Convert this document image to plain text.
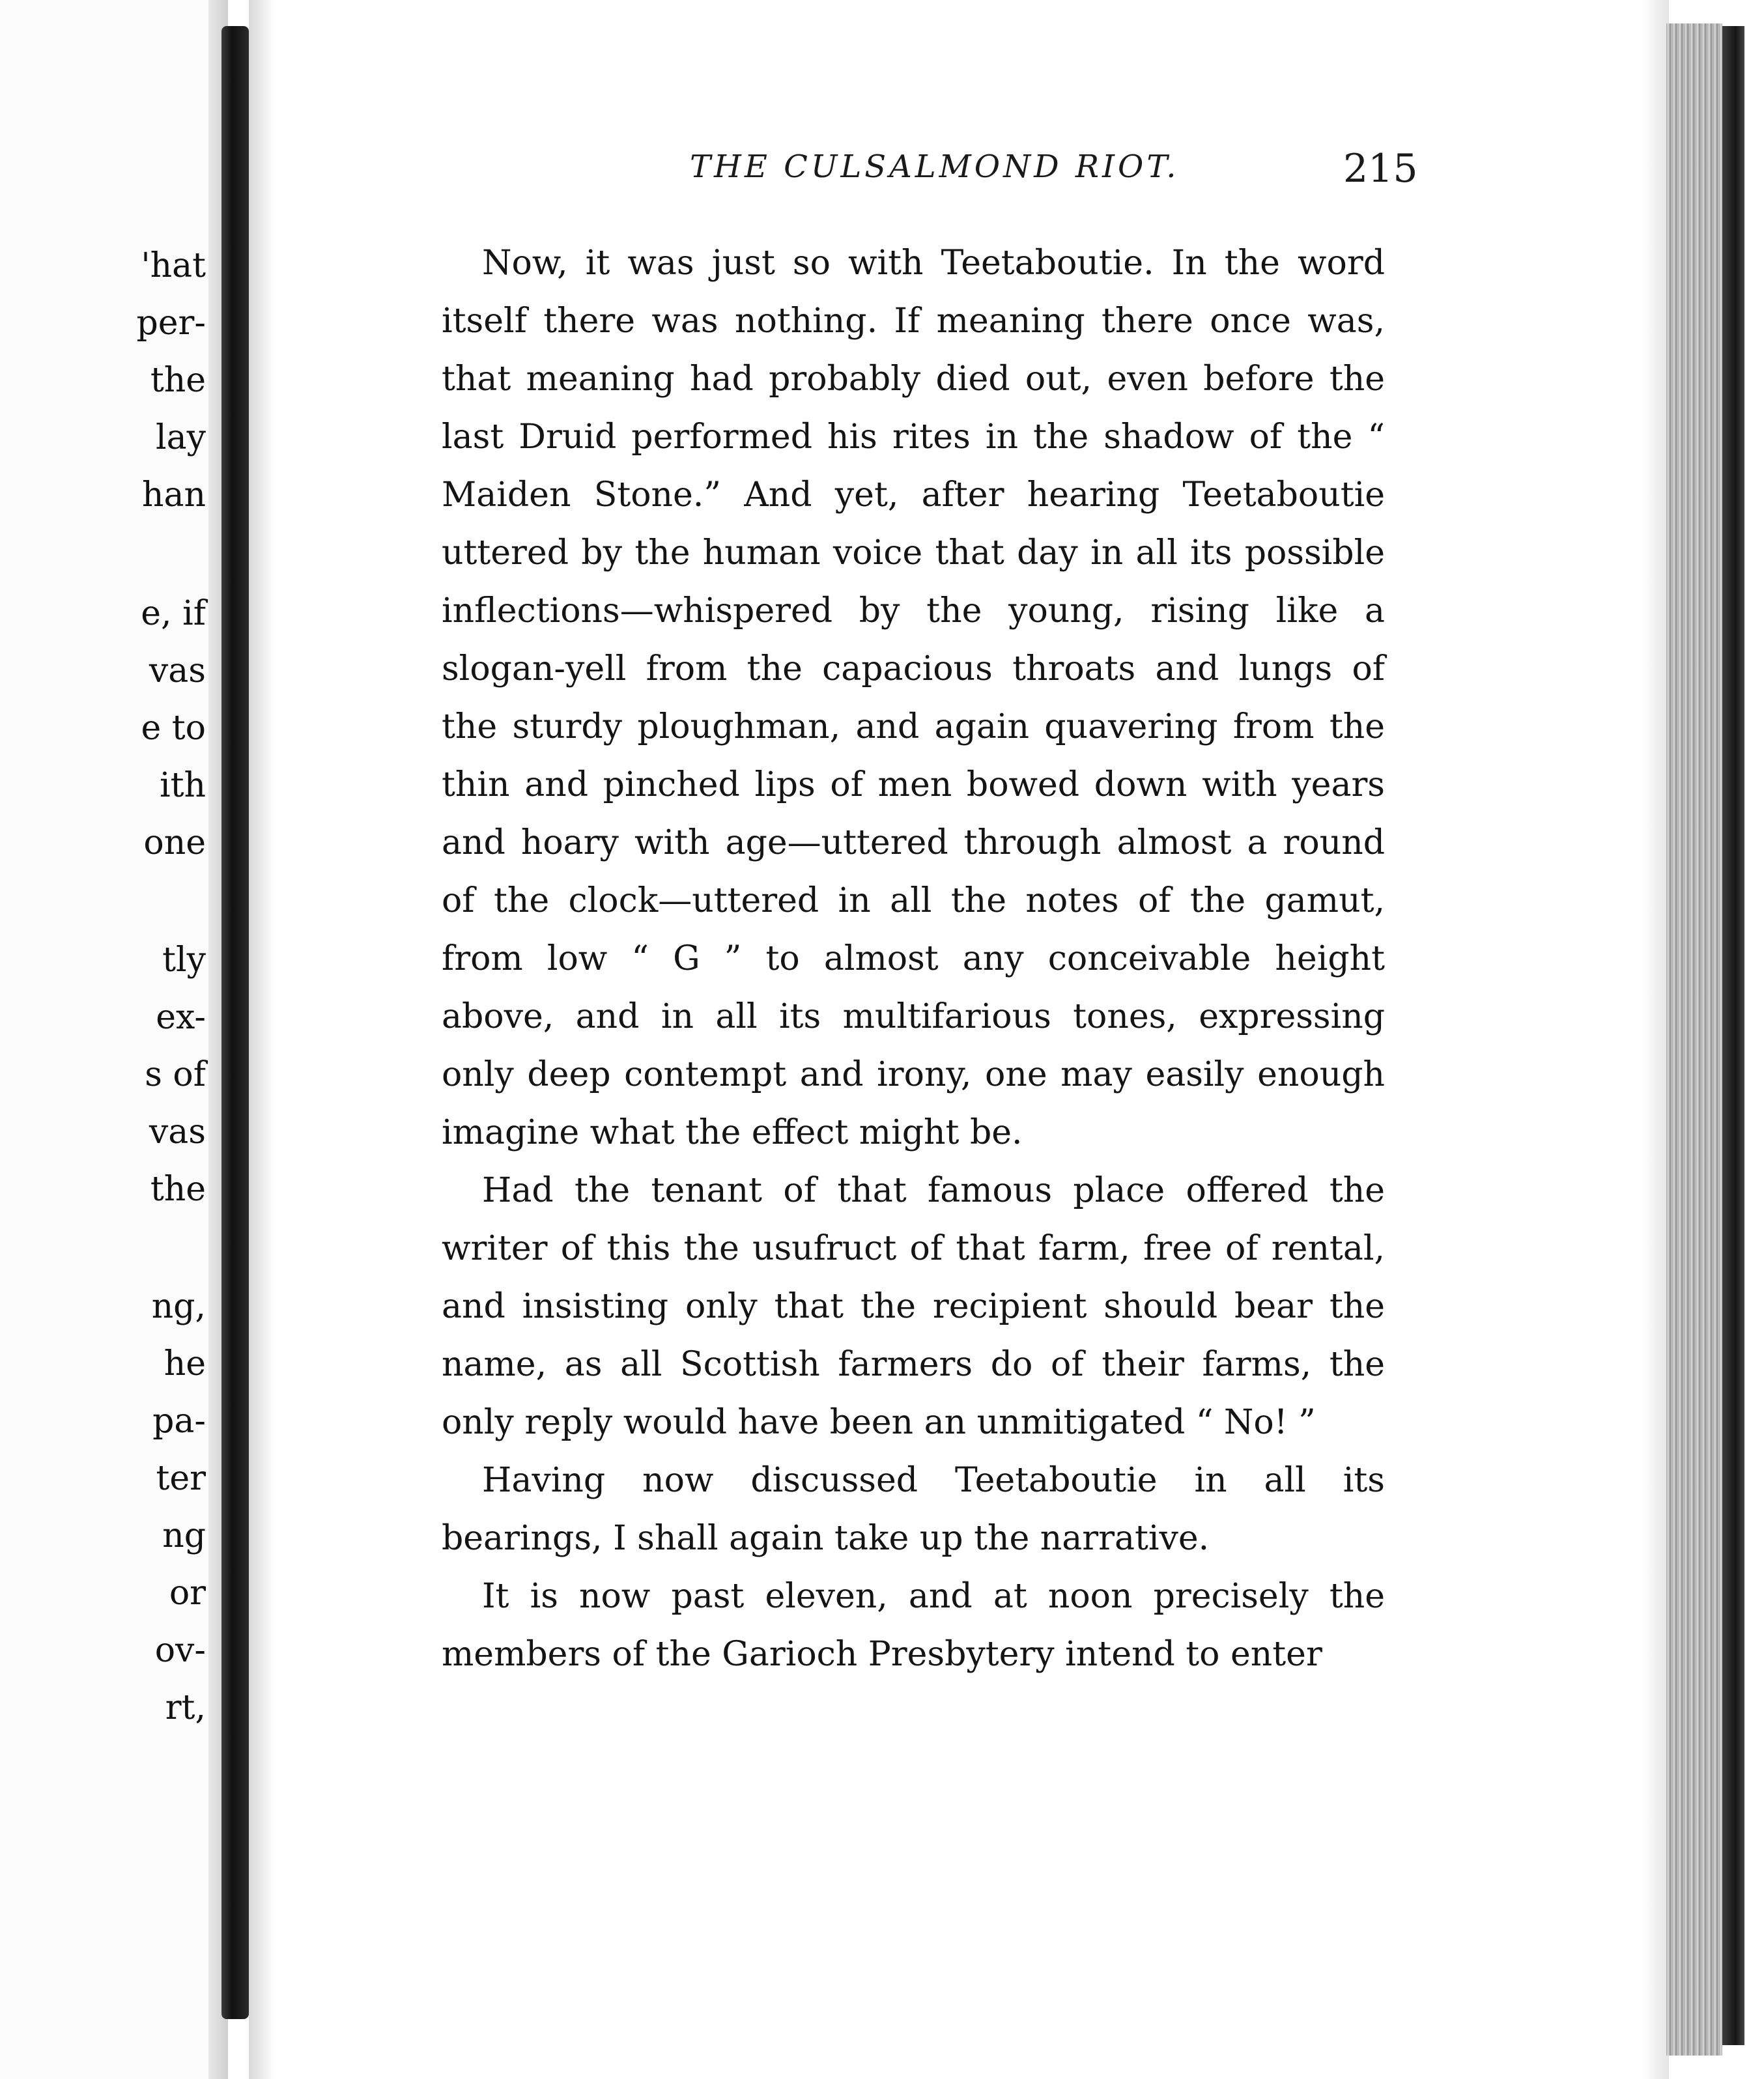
'hat

per-

the

lay

han

e, if

vas

e to

ith

one

tly

ex-

s of

vas

the

ng,

he

pa-

ter

ng

or

ov-

rt,

THE CULSALMOND RIOT.	215

Now, it was just so with Teetaboutie. In the word itself there was nothing. If meaning there once was, that meaning had probably died out, even before the last Druid performed his rites in the shadow of the “ Maiden Stone.” And yet, after hearing Teetaboutie uttered by the human voice that day in all its possible inflections—whispered by the young, rising like a slogan-yell from the capacious throats and lungs of the sturdy ploughman, and again quavering from the thin and pinched lips of men bowed down with years and hoary with age—uttered through almost a round of the clock—uttered in all the notes of the gamut, from low “ G ” to almost any conceivable height above, and in all its multifarious tones, expressing only deep contempt and irony, one may easily enough imagine what the effect might be.

Had the tenant of that famous place offered the writer of this the usufruct of that farm, free of rental, and insisting only that the recipient should bear the name, as all Scottish farmers do of their farms, the only reply would have been an unmitigated “ No! ”

Having now discussed Teetaboutie in all its bearings, I shall again take up the narrative.

It is now past eleven, and at noon precisely the members of the Garioch Presbytery intend to enter
